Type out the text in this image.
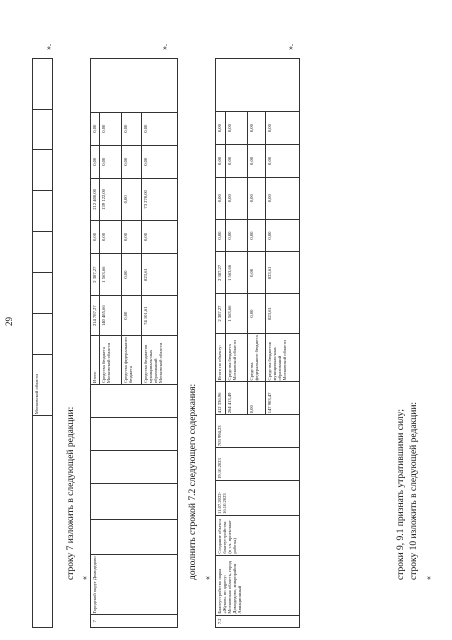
29
	Московской области							
».
строку 7 изложить в следующей редакции: «
7	Городской округ Домодедово						Итого	214 787,27	2 387,27	0,00	212 400,00	0,00	0,00	
							Средства бюджета Московской области	140 485,66	1 563,66	0,00	139 122,00	0,00	0,00	
							Средства федерального бюджета	0,00	0,00	0,00	0,00	0,00	0,00	
							Средства бюджетов муниципаль-ных образований Московской области	74 101,61	823,61	0,00	73 278,00	0,00	0,00	
».
дополнить строкой 7.2 следующего содержания: «
7.2	Благоустройство парка «Жуков» по адресу: Московская область, город Домодедово, микрорайон Авиационный	Создание объекта благоустройства (в т.ч. проектные работы)	11.07.2022-16.10.2023	19.10.2023	703 994,23	412 336,96	Итого по объекту:	2 387,27	2 387,27	0,00	0,00	0,00	0,00	
						264 413,49	Средства бюджета Московской области	1 563,66	1 563,66	0,00	0,00	0,00	0,00	
						0,00	Средства федерального бюджета	0,00	0,00	0,00	0,00	0,00	0,00	
						147 903,47	Средства бюджетов муниципаль-ных образований Московской области	823,61	823,61	0,00	0,00	0,00	0,00	
».
строки 9, 9.1 признать утратившими силу; строку 10 изложить в следующей редакции: «
